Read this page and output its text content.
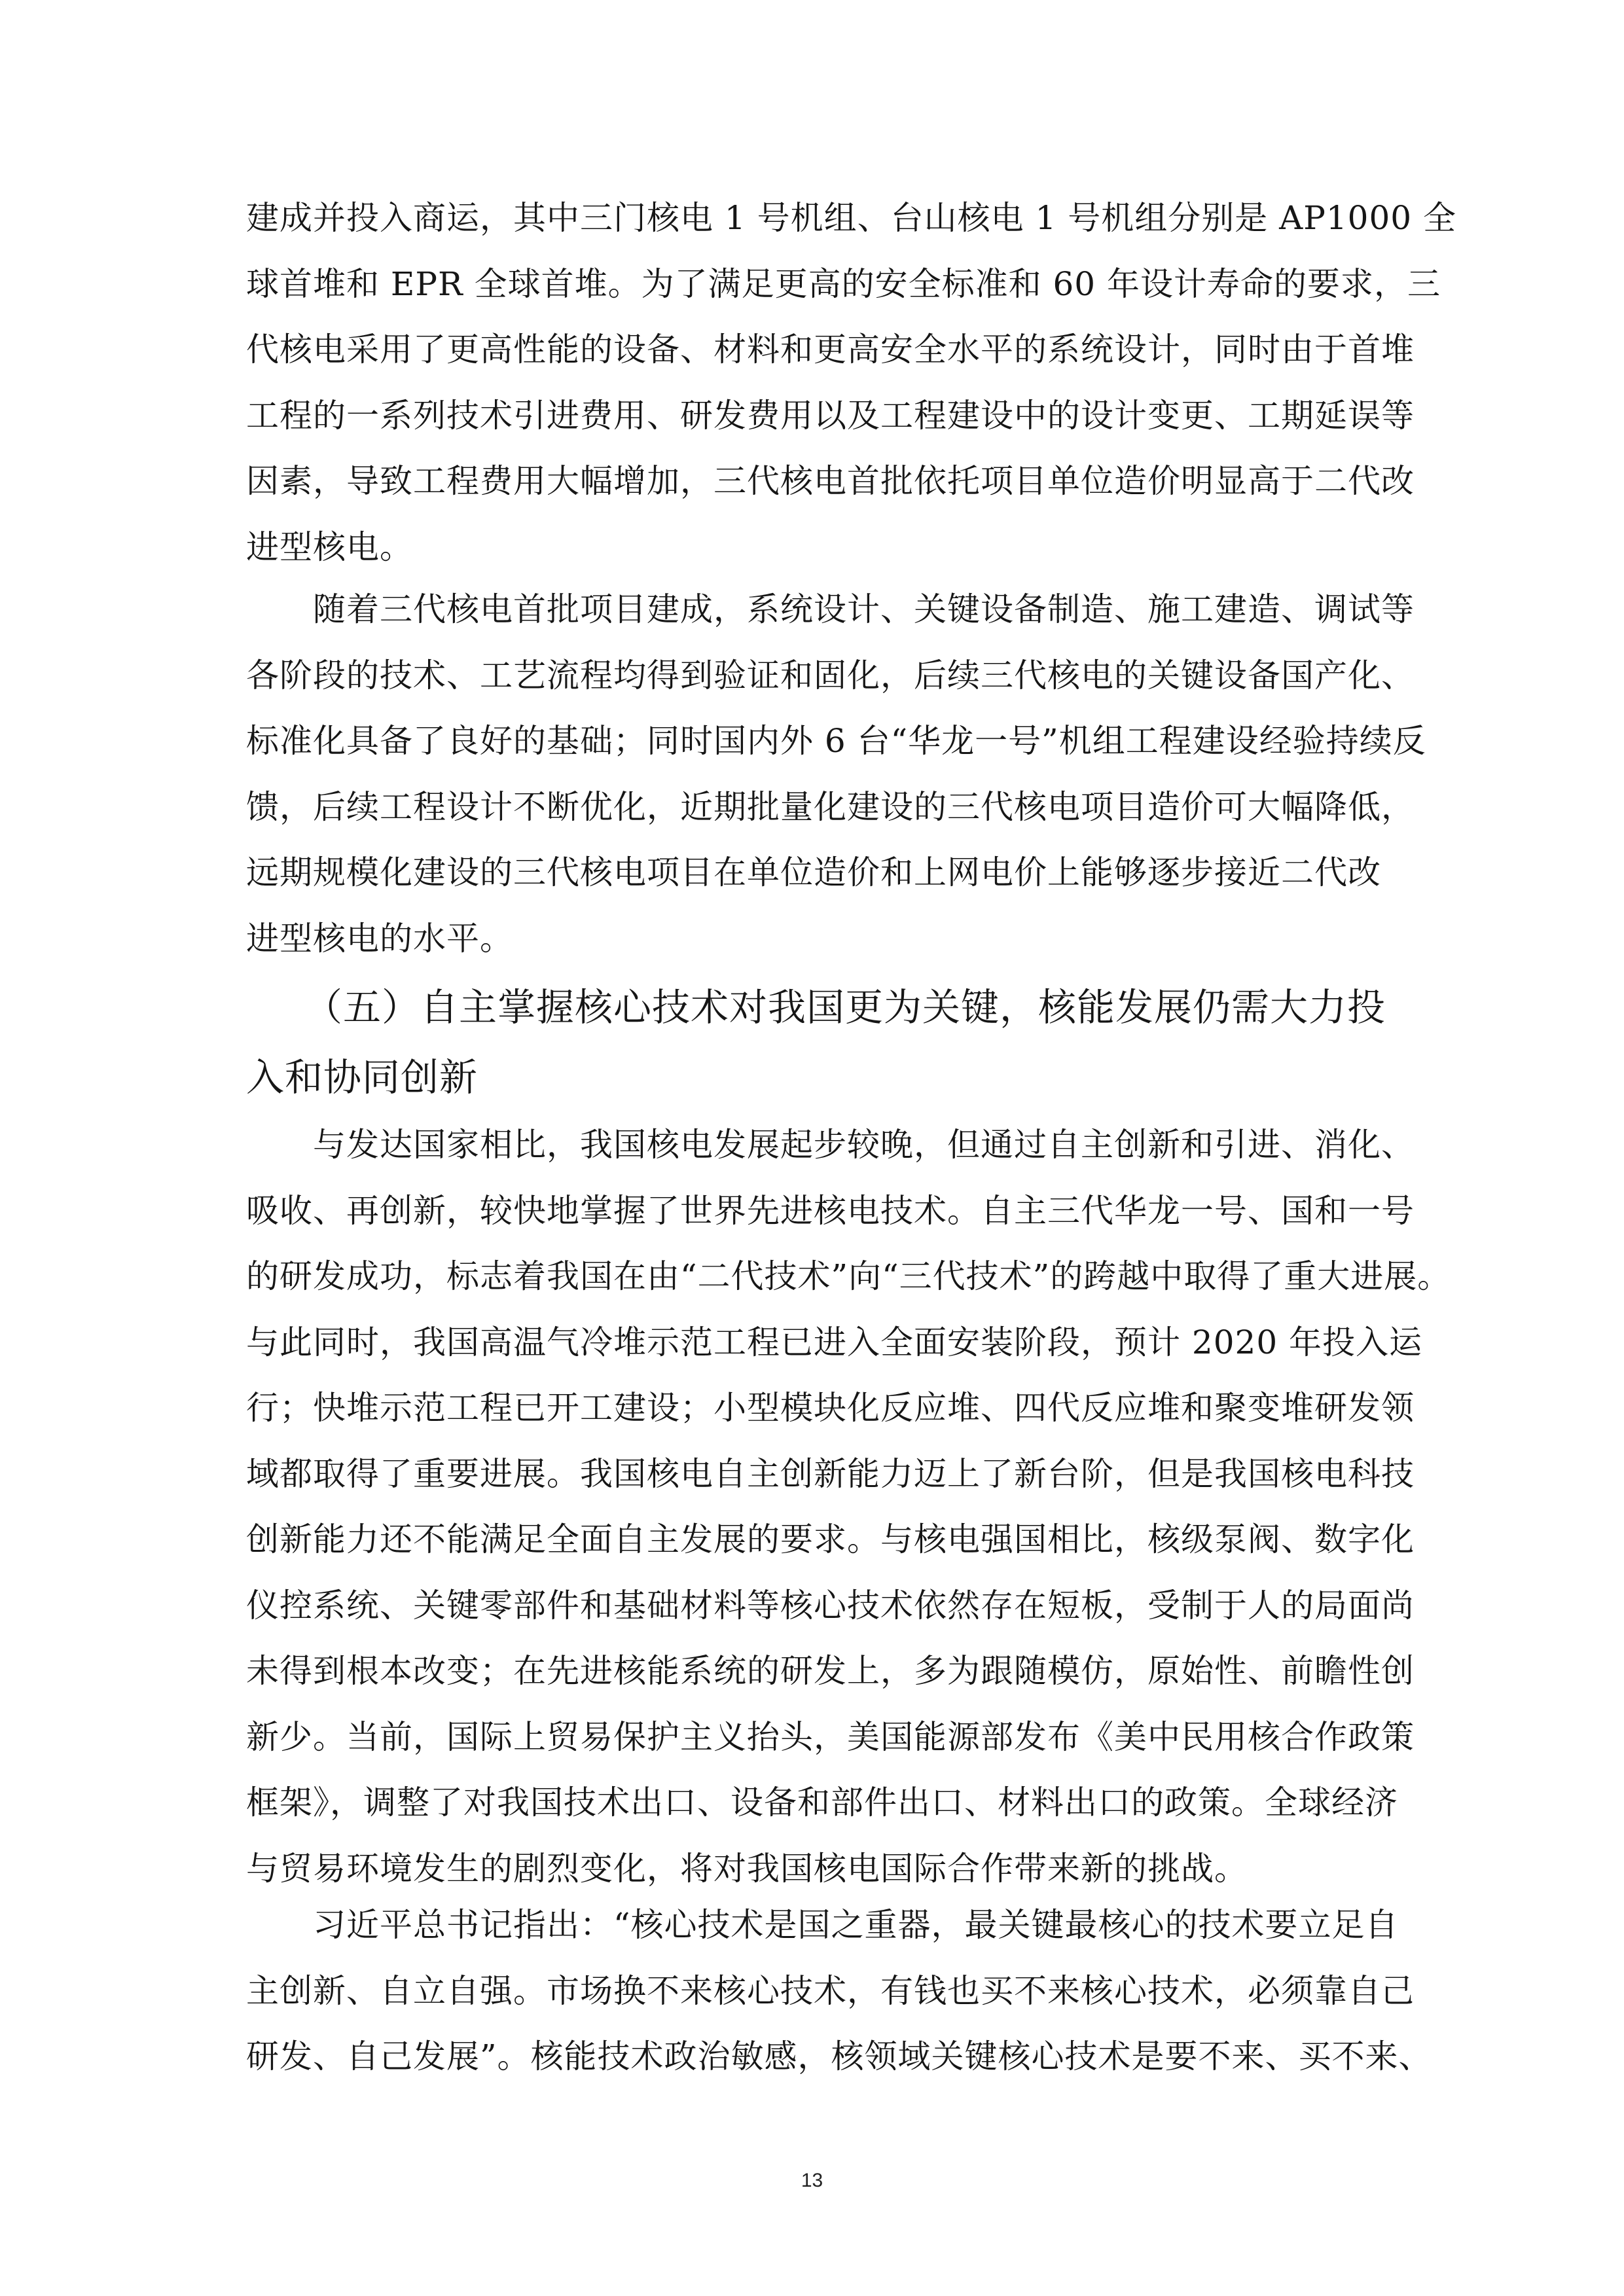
建成并投入商运，其中三门核电 1 号机组、台山核电 1 号机组分别是 AP1000 全
球首堆和 EPR 全球首堆。为了满足更高的安全标准和 60 年设计寿命的要求，三
代核电采用了更高性能的设备、材料和更高安全水平的系统设计，同时由于首堆
工程的一系列技术引进费用、研发费用以及工程建设中的设计变更、工期延误等
因素，导致工程费用大幅增加，三代核电首批依托项目单位造价明显高于二代改
进型核电。
　　随着三代核电首批项目建成，系统设计、关键设备制造、施工建造、调试等
各阶段的技术、工艺流程均得到验证和固化，后续三代核电的关键设备国产化、
标准化具备了良好的基础；同时国内外 6 台“华龙一号”机组工程建设经验持续反
馈，后续工程设计不断优化，近期批量化建设的三代核电项目造价可大幅降低，
远期规模化建设的三代核电项目在单位造价和上网电价上能够逐步接近二代改
进型核电的水平。
　　（五）自主掌握核心技术对我国更为关键，核能发展仍需大力投
入和协同创新
　　与发达国家相比，我国核电发展起步较晚，但通过自主创新和引进、消化、
吸收、再创新，较快地掌握了世界先进核电技术。自主三代华龙一号、国和一号
的研发成功，标志着我国在由“二代技术”向“三代技术”的跨越中取得了重大进展。
与此同时，我国高温气冷堆示范工程已进入全面安装阶段，预计 2020 年投入运
行；快堆示范工程已开工建设；小型模块化反应堆、四代反应堆和聚变堆研发领
域都取得了重要进展。我国核电自主创新能力迈上了新台阶，但是我国核电科技
创新能力还不能满足全面自主发展的要求。与核电强国相比，核级泵阀、数字化
仪控系统、关键零部件和基础材料等核心技术依然存在短板，受制于人的局面尚
未得到根本改变；在先进核能系统的研发上，多为跟随模仿，原始性、前瞻性创
新少。当前，国际上贸易保护主义抬头，美国能源部发布《美中民用核合作政策
框架》，调整了对我国技术出口、设备和部件出口、材料出口的政策。全球经济
与贸易环境发生的剧烈变化，将对我国核电国际合作带来新的挑战。
　　习近平总书记指出：“核心技术是国之重器，最关键最核心的技术要立足自
主创新、自立自强。市场换不来核心技术，有钱也买不来核心技术，必须靠自己
研发、自己发展”。核能技术政治敏感，核领域关键核心技术是要不来、买不来、
13
